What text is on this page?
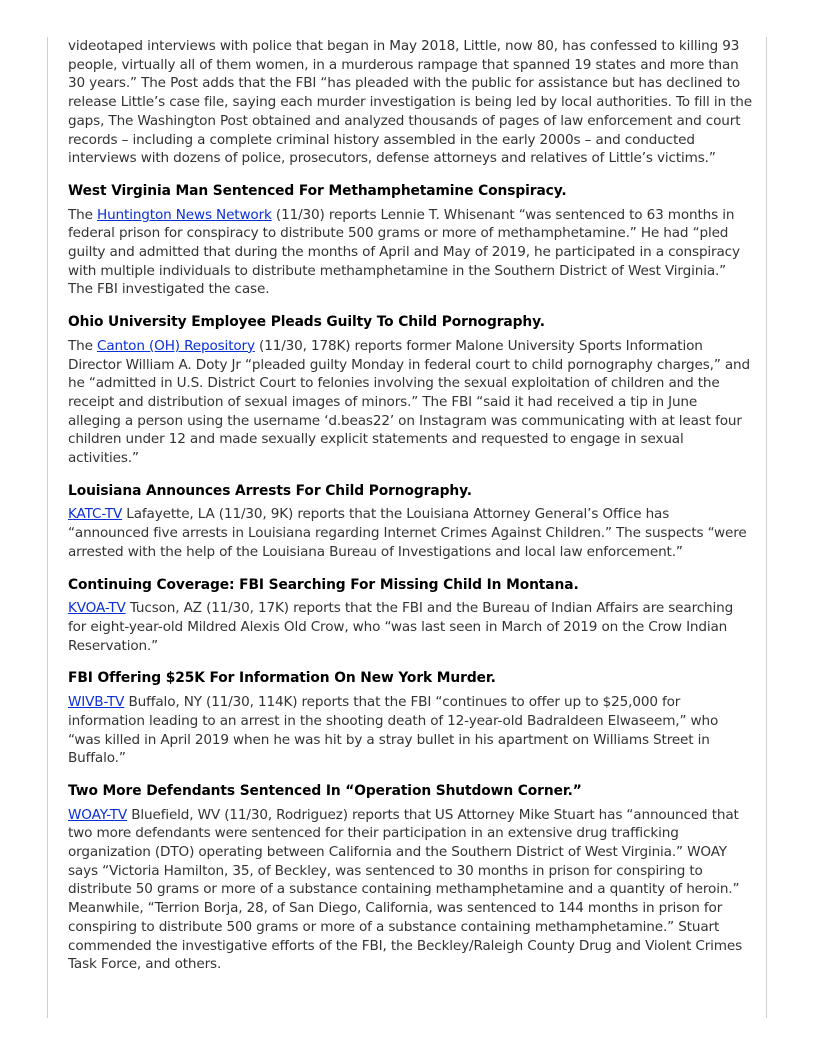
videotaped interviews with police that began in May 2018, Little, now 80, has confessed to killing 93 people, virtually all of them women, in a murderous rampage that spanned 19 states and more than 30 years.” The Post adds that the FBI “has pleaded with the public for assistance but has declined to release Little’s case file, saying each murder investigation is being led by local authorities. To fill in the gaps, The Washington Post obtained and analyzed thousands of pages of law enforcement and court records – including a complete criminal history assembled in the early 2000s – and conducted interviews with dozens of police, prosecutors, defense attorneys and relatives of Little’s victims.”

West Virginia Man Sentenced For Methamphetamine Conspiracy.

The Huntington News Network (11/30) reports Lennie T. Whisenant “was sentenced to 63 months in federal prison for conspiracy to distribute 500 grams or more of methamphetamine.” He had “pled guilty and admitted that during the months of April and May of 2019, he participated in a conspiracy with multiple individuals to distribute methamphetamine in the Southern District of West Virginia.” The FBI investigated the case.

Ohio University Employee Pleads Guilty To Child Pornography.

The Canton (OH) Repository (11/30, 178K) reports former Malone University Sports Information Director William A. Doty Jr “pleaded guilty Monday in federal court to child pornography charges,” and he “admitted in U.S. District Court to felonies involving the sexual exploitation of children and the receipt and distribution of sexual images of minors.” The FBI “said it had received a tip in June alleging a person using the username ‘d.beas22’ on Instagram was communicating with at least four children under 12 and made sexually explicit statements and requested to engage in sexual activities.”

Louisiana Announces Arrests For Child Pornography.

KATC-TV Lafayette, LA (11/30, 9K) reports that the Louisiana Attorney General’s Office has “announced five arrests in Louisiana regarding Internet Crimes Against Children.” The suspects “were arrested with the help of the Louisiana Bureau of Investigations and local law enforcement.”

Continuing Coverage: FBI Searching For Missing Child In Montana.

KVOA-TV Tucson, AZ (11/30, 17K) reports that the FBI and the Bureau of Indian Affairs are searching for eight-year-old Mildred Alexis Old Crow, who “was last seen in March of 2019 on the Crow Indian Reservation.”

FBI Offering $25K For Information On New York Murder.

WIVB-TV Buffalo, NY (11/30, 114K) reports that the FBI “continues to offer up to $25,000 for information leading to an arrest in the shooting death of 12-year-old Badraldeen Elwaseem,” who “was killed in April 2019 when he was hit by a stray bullet in his apartment on Williams Street in Buffalo.”

Two More Defendants Sentenced In “Operation Shutdown Corner.”

WOAY-TV Bluefield, WV (11/30, Rodriguez) reports that US Attorney Mike Stuart has “announced that two more defendants were sentenced for their participation in an extensive drug trafficking organization (DTO) operating between California and the Southern District of West Virginia.” WOAY says “Victoria Hamilton, 35, of Beckley, was sentenced to 30 months in prison for conspiring to distribute 50 grams or more of a substance containing methamphetamine and a quantity of heroin.” Meanwhile, “Terrion Borja, 28, of San Diego, California, was sentenced to 144 months in prison for conspiring to distribute 500 grams or more of a substance containing methamphetamine.” Stuart commended the investigative efforts of the FBI, the Beckley/Raleigh County Drug and Violent Crimes Task Force, and others.
